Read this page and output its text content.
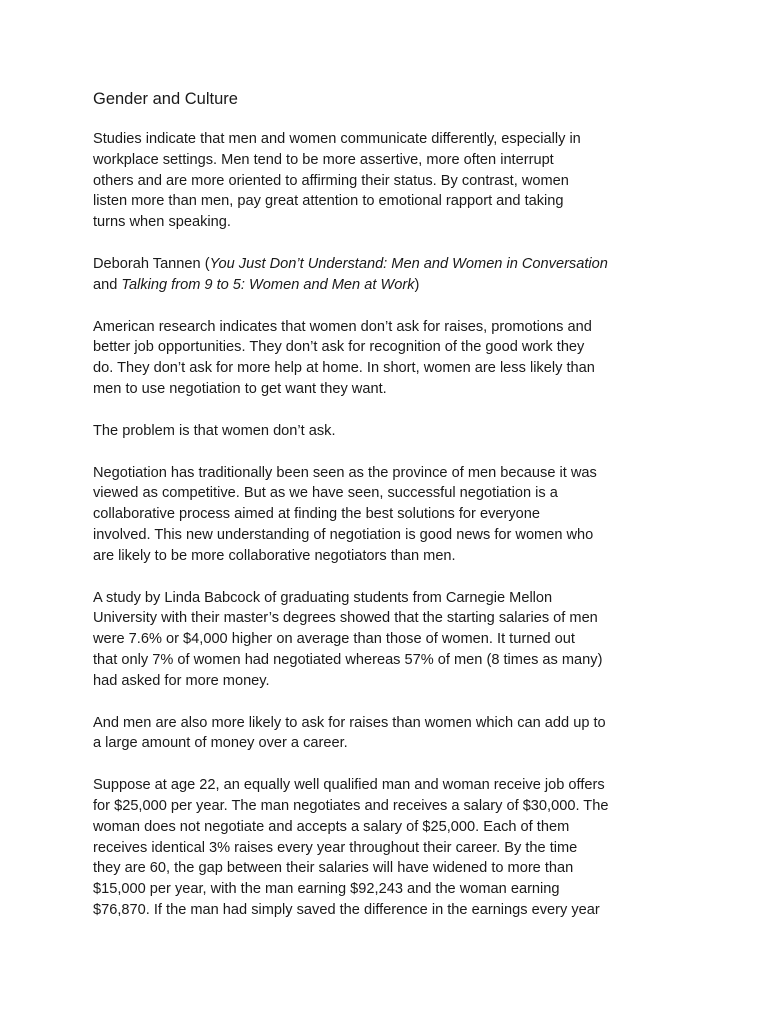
Gender and Culture
Studies indicate that men and women communicate differently, especially in
workplace settings. Men tend to be more assertive, more often interrupt
others and are more oriented to affirming their status. By contrast, women
listen more than men, pay great attention to emotional rapport and taking
turns when speaking.
Deborah Tannen (You Just Don’t Understand: Men and Women in Conversation
and Talking from 9 to 5: Women and Men at Work)
American research indicates that women don’t ask for raises, promotions and
better job opportunities. They don’t ask for recognition of the good work they
do. They don’t ask for more help at home. In short, women are less likely than
men to use negotiation to get want they want.
The problem is that women don’t ask.
Negotiation has traditionally been seen as the province of men because it was
viewed as competitive. But as we have seen, successful negotiation is a
collaborative process aimed at finding the best solutions for everyone
involved. This new understanding of negotiation is good news for women who
are likely to be more collaborative negotiators than men.
A study by Linda Babcock of graduating students from Carnegie Mellon
University with their master’s degrees showed that the starting salaries of men
were 7.6% or $4,000 higher on average than those of women. It turned out
that only 7% of women had negotiated whereas 57% of men (8 times as many)
had asked for more money.
And men are also more likely to ask for raises than women which can add up to
a large amount of money over a career.
Suppose at age 22, an equally well qualified man and woman receive job offers
for $25,000 per year. The man negotiates and receives a salary of $30,000. The
woman does not negotiate and accepts a salary of $25,000. Each of them
receives identical 3% raises every year throughout their career. By the time
they are 60, the gap between their salaries will have widened to more than
$15,000 per year, with the man earning $92,243 and the woman earning
$76,870. If the man had simply saved the difference in the earnings every year
